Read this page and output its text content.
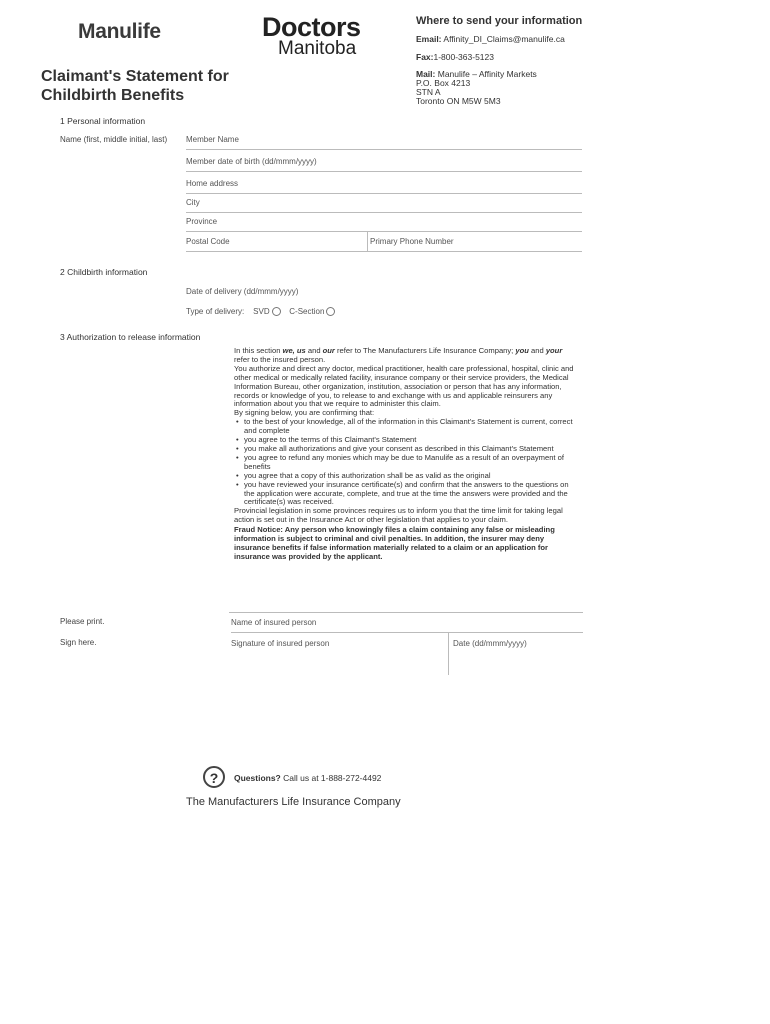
Manulife	Doctors
Manitoba
Where to send your information
Email: Affinity_DI_Claims@manulife.ca
Fax:1-800-363-5123
Mail: Manulife – Affinity Markets
P.O. Box 4213
STN A
Toronto ON M5W 5M3
Claimant's Statement for
Childbirth Benefits
1 Personal information
Name (first, middle initial, last) Member Name
Member date of birth (dd/mmm/yyyy)
Home address
City
Province
Postal Code	Primary Phone Number
2 Childbirth information
Date of delivery (dd/mmm/yyyy)
Type of delivery: SVD C-Section
3 Authorization to release information

In this section we, us and our refer to The Manufacturers Life Insurance Company; you and your refer to the insured person.

You authorize and direct any doctor, medical practitioner, health care professional, hospital, clinic and other medical or medically related facility, insurance company or their service providers, the Medical Information Bureau, other organization, institution, association or person that has any information, records or knowledge of you, to release to and exchange with us and applicable reinsurers any information about you that we require to administer this claim.

By signing below, you are confirming that:

• to the best of your knowledge, all of the information in this Claimant's Statement is current, correct and complete
• you agree to the terms of this Claimant's Statement
• you make all authorizations and give your consent as described in this Claimant's Statement
• you agree to refund any monies which may be due to Manulife as a result of an overpayment of benefits
• you agree that a copy of this authorization shall be as valid as the original
• you have reviewed your insurance certificate(s) and confirm that the answers to the questions on the application were accurate, complete, and true at the time the answers were provided and the certificate(s) was received.

Provincial legislation in some provinces requires us to inform you that the time limit for taking legal action is set out in the Insurance Act or other legislation that applies to your claim.

Fraud Notice: Any person who knowingly files a claim containing any false or misleading information is subject to criminal and civil penalties. In addition, the insurer may deny insurance benefits if false information materially related to a claim or an application for insurance was provided by the applicant.

Please print.	Name of insured person
Sign here.	Signature of insured person	Date (dd/mmm/yyyy)
?	Questions? Call us at 1-888-272-4492
The Manufacturers Life Insurance Company
